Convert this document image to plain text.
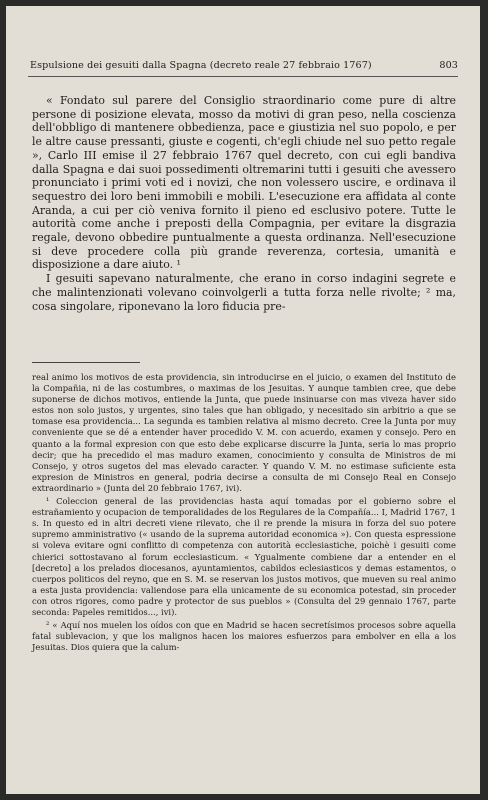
Espulsione dei gesuiti dalla Spagna (decreto reale 27 febbraio 1767)	803

« Fondato sul parere del Consiglio straordinario come pure di altre persone di posizione elevata, mosso da motivi di gran peso, nella coscienza dell'obbligo di mantenere obbedienza, pace e giustizia nel suo popolo, e per le altre cause pressanti, giuste e cogenti, ch'egli chiude nel suo petto regale », Carlo III emise il 27 febbraio 1767 quel decreto, con cui egli bandiva dalla Spagna e dai suoi possedimenti oltremarini tutti i gesuiti che avessero pronunciato i primi voti ed i novizi, che non volessero uscire, e ordinava il sequestro dei loro beni immobili e mobili. L'esecuzione era affidata al conte Aranda, a cui per ciò veniva fornito il pieno ed esclusivo potere. Tutte le autorità come anche i preposti della Compagnia, per evitare la disgrazia regale, devono obbedire puntualmente a questa ordinanza. Nell'esecuzione si deve procedere colla più grande reverenza, cortesia, umanità e disposizione a dare aiuto. ¹

I gesuiti sapevano naturalmente, che erano in corso indagini segrete e che malintenzionati volevano coinvolgerli a tutta forza nelle rivolte; ² ma, cosa singolare, riponevano la loro fiducia pre-

real animo los motivos de esta providencia, sin introducirse en el juicio, o examen del Instituto de la Compañia, ni de las costumbres, o maximas de los Jesuitas. Y aunque tambien cree, que debe suponerse de dichos motivos, entiende la Junta, que puede insinuarse con mas viveza haver sido estos non solo justos, y urgentes, sino tales que han obligado, y necesitado sin arbitrio a que se tomase esa providencia... La segunda es tambien relativa al mismo decreto. Cree la Junta por muy conveniente que se dé a entender haver procedido V. M. con acuerdo, examen y consejo. Pero en quanto a la formal expresion con que esto debe explicarse discurre la Junta, seria lo mas proprio decir; que ha precedido el mas maduro examen, conocimiento y consulta de Ministros de mi Consejo, y otros sugetos del mas elevado caracter. Y quando V. M. no estimase suficiente esta expresion de Ministros en general, podria decirse a consulta de mi Consejo Real en Consejo extraordinario » (Junta del 20 febbraio 1767, ivi).

¹ Coleccion general de las providencias hasta aquí tomadas por el gobierno sobre el estrañamiento y ocupacion de temporalidades de los Regulares de la Compañía... I, Madrid 1767, 1 s. In questo ed in altri decreti viene rilevato, che il re prende la misura in forza del suo potere supremo amministrativo (« usando de la suprema autoridad economica »). Con questa espressione si voleva evitare ogni conflitto di competenza con autorità ecclesiastiche, poichè i gesuiti come chierici sottostavano al forum ecclesiasticum. « Ygualmente combiene dar a entender en el [decreto] a los prelados diocesanos, ayuntamientos, cabildos eclesiasticos y demas estamentos, o cuerpos politicos del reyno, que en S. M. se reservan los justos motivos, que mueven su real animo a esta justa providencia: valiendose para ella unicamente de su economica potestad, sin proceder con otros rigores, como padre y protector de sus pueblos » (Consulta del 29 gennaio 1767, parte seconda: Papeles remitidos..., ivi).

² « Aquí nos muelen los oídos con que en Madrid se hacen secretísimos procesos sobre aquella fatal sublevacion, y que los malignos hacen los maiores esfuerzos para embolver en ella a los Jesuitas. Dios quiera que la calum-
